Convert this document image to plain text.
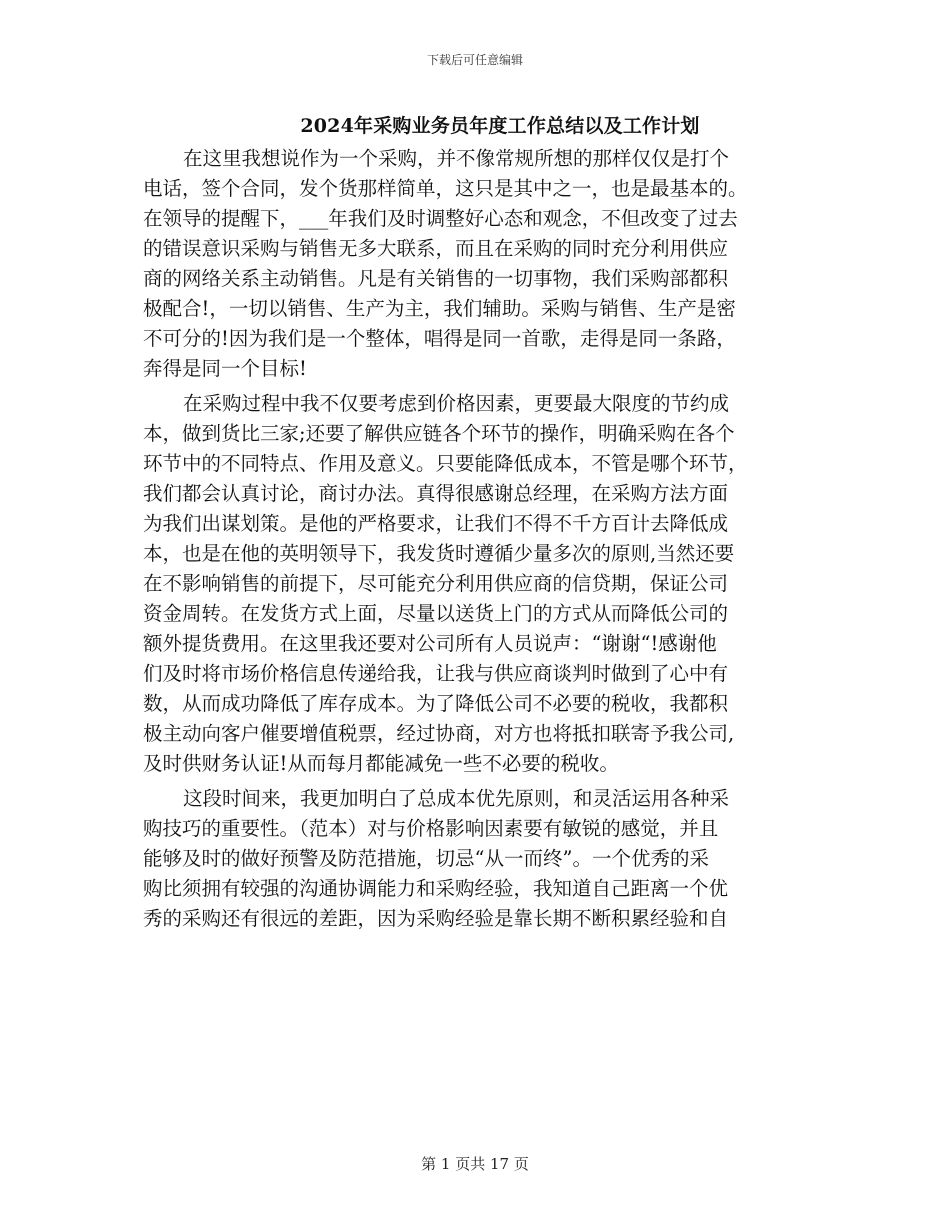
下载后可任意编辑
2024年采购业务员年度工作总结以及工作计划
在这里我想说作为一个采购，并不像常规所想的那样仅仅是打个
电话，签个合同，发个货那样简单，这只是其中之一，也是最基本的。
在领导的提醒下，___年我们及时调整好心态和观念，不但改变了过去
的错误意识采购与销售无多大联系，而且在采购的同时充分利用供应
商的网络关系主动销售。凡是有关销售的一切事物，我们采购部都积
极配合!，一切以销售、生产为主，我们辅助。采购与销售、生产是密
不可分的!因为我们是一个整体，唱得是同一首歌，走得是同一条路，
奔得是同一个目标!
在采购过程中我不仅要考虑到价格因素，更要最大限度的节约成
本，做到货比三家;还要了解供应链各个环节的操作，明确采购在各个
环节中的不同特点、作用及意义。只要能降低成本，不管是哪个环节，
我们都会认真讨论，商讨办法。真得很感谢总经理，在采购方法方面
为我们出谋划策。是他的严格要求，让我们不得不千方百计去降低成
本，也是在他的英明领导下，我发货时遵循少量多次的原则,当然还要
在不影响销售的前提下，尽可能充分利用供应商的信贷期，保证公司
资金周转。在发货方式上面，尽量以送货上门的方式从而降低公司的
额外提货费用。在这里我还要对公司所有人员说声：“谢谢“!感谢他
们及时将市场价格信息传递给我，让我与供应商谈判时做到了心中有
数，从而成功降低了库存成本。为了降低公司不必要的税收，我都积
极主动向客户催要增值税票，经过协商，对方也将抵扣联寄予我公司,
及时供财务认证!从而每月都能减免一些不必要的税收。
这段时间来，我更加明白了总成本优先原则，和灵活运用各种采
购技巧的重要性。（范本）对与价格影响因素要有敏锐的感觉，并且
能够及时的做好预警及防范措施，切忌“从一而终”。一个优秀的采
购比须拥有较强的沟通协调能力和采购经验，我知道自己距离一个优
秀的采购还有很远的差距，因为采购经验是靠长期不断积累经验和自
第 1 页共 17 页
